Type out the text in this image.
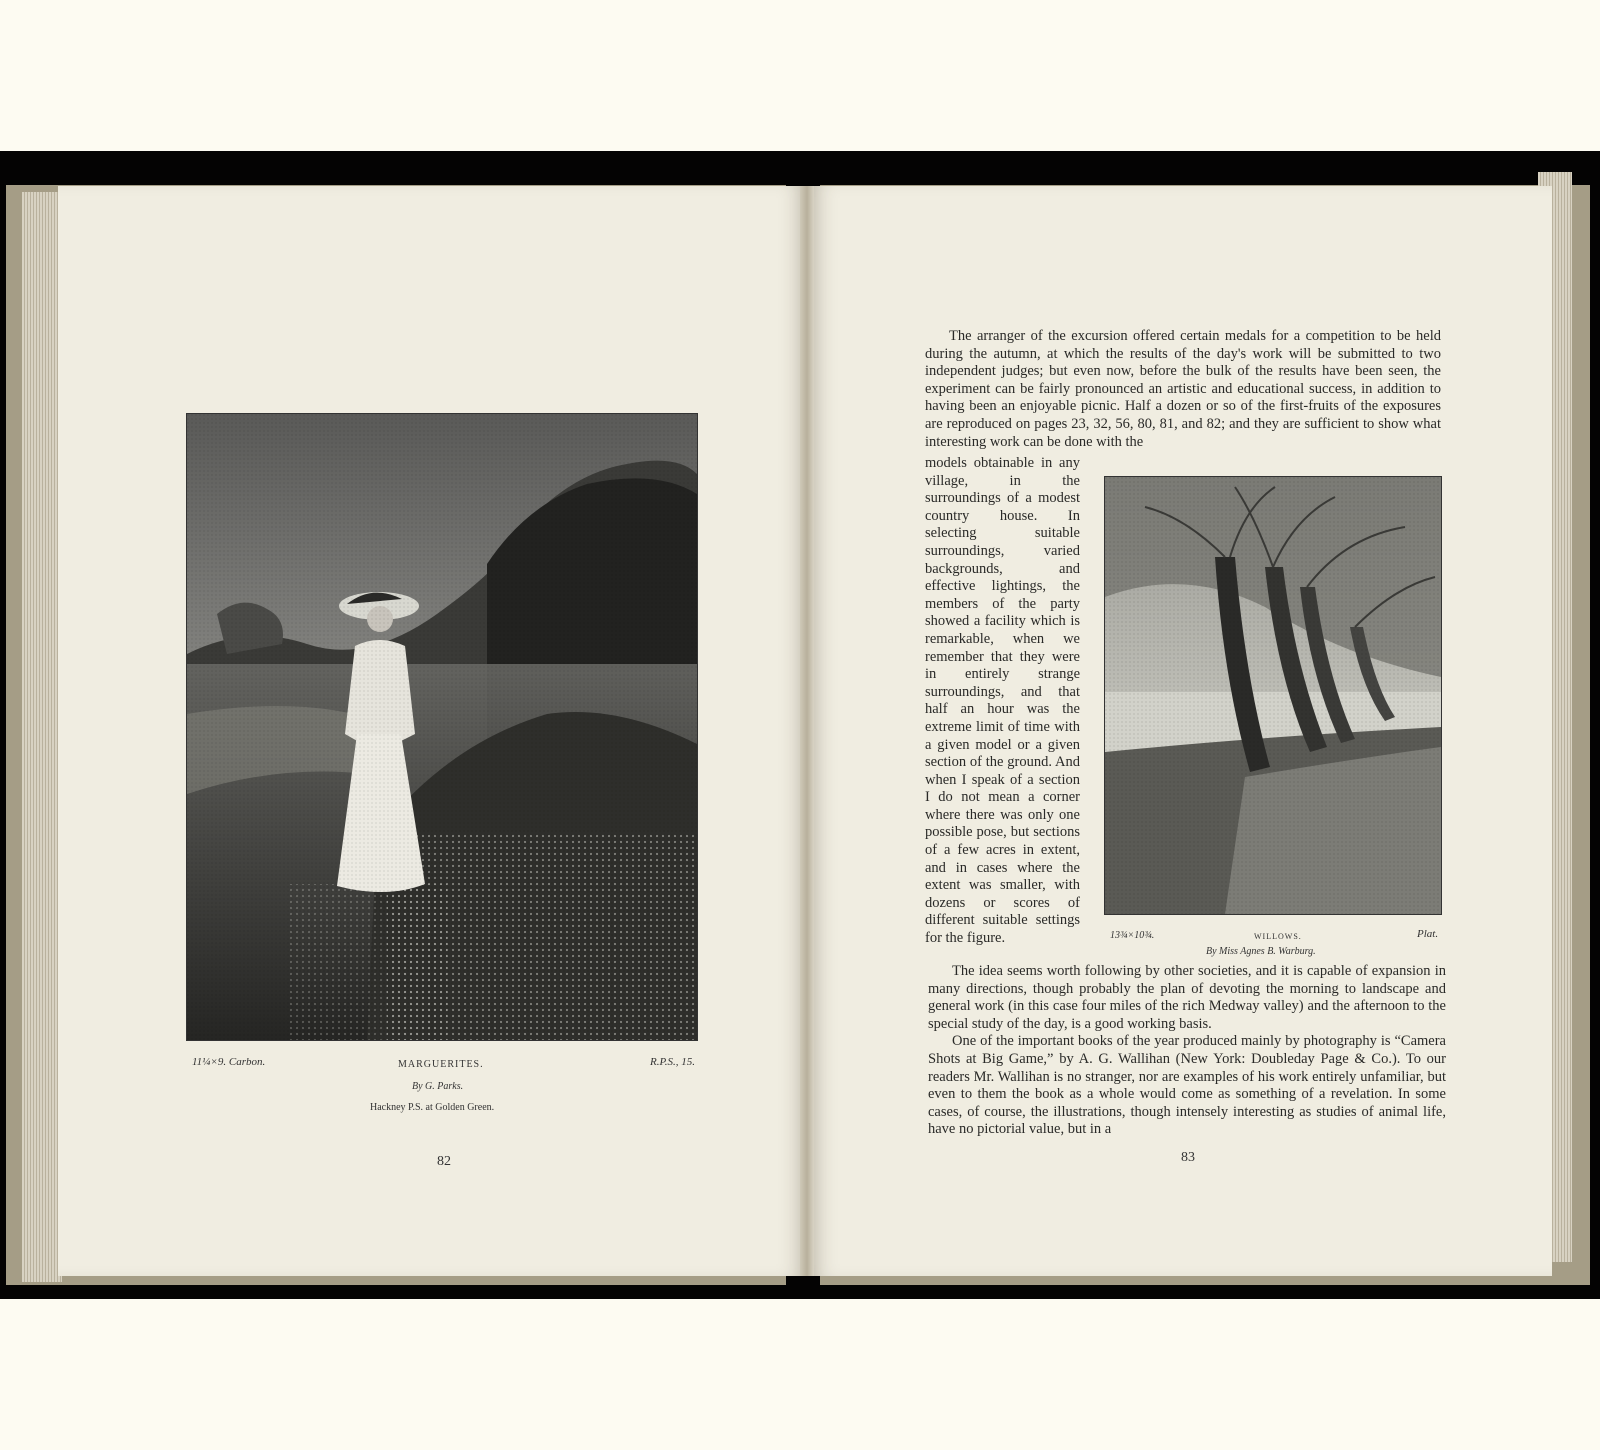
11¼×9. Carbon.	MARGUERITES.	R.P.S., 15.
By G. Parks.
Hackney P.S. at Golden Green.
82

The arranger of the excursion offered certain medals for a competition to be held during the autumn, at which the results of the day's work will be submitted to two independent judges; but even now, before the bulk of the results have been seen, the experiment can be fairly pronounced an artistic and educational success, in addition to having been an enjoyable picnic. Half a dozen or so of the first-fruits of the exposures are reproduced on pages 23, 32, 56, 80, 81, and 82; and they are sufficient to show what interesting work can be done with the

models obtainable in any village, in the surroundings of a modest country house. In selecting suitable surroundings, varied backgrounds, and effective lightings, the members of the party showed a facility which is remarkable, when we remember that they were in entirely strange surroundings, and that half an hour was the extreme limit of time with a given model or a given section of the ground. And when I speak of a section I do not mean a corner where there was only one possible pose, but sections of a few acres in extent, and in cases where the extent was smaller, with dozens or scores of different suitable settings for the figure.	13¾×10¾.	WILLOWS.	Plat.
By Miss Agnes B. Warburg.

The idea seems worth following by other societies, and it is capable of expansion in many directions, though probably the plan of devoting the morning to landscape and general work (in this case four miles of the rich Medway valley) and the afternoon to the special study of the day, is a good working basis.

One of the important books of the year produced mainly by photography is “Camera Shots at Big Game,” by A. G. Wallihan (New York: Doubleday Page & Co.). To our readers Mr. Wallihan is no stranger, nor are examples of his work entirely unfamiliar, but even to them the book as a whole would come as something of a revelation. In some cases, of course, the illustrations, though intensely interesting as studies of animal life, have no pictorial value, but in a

83
